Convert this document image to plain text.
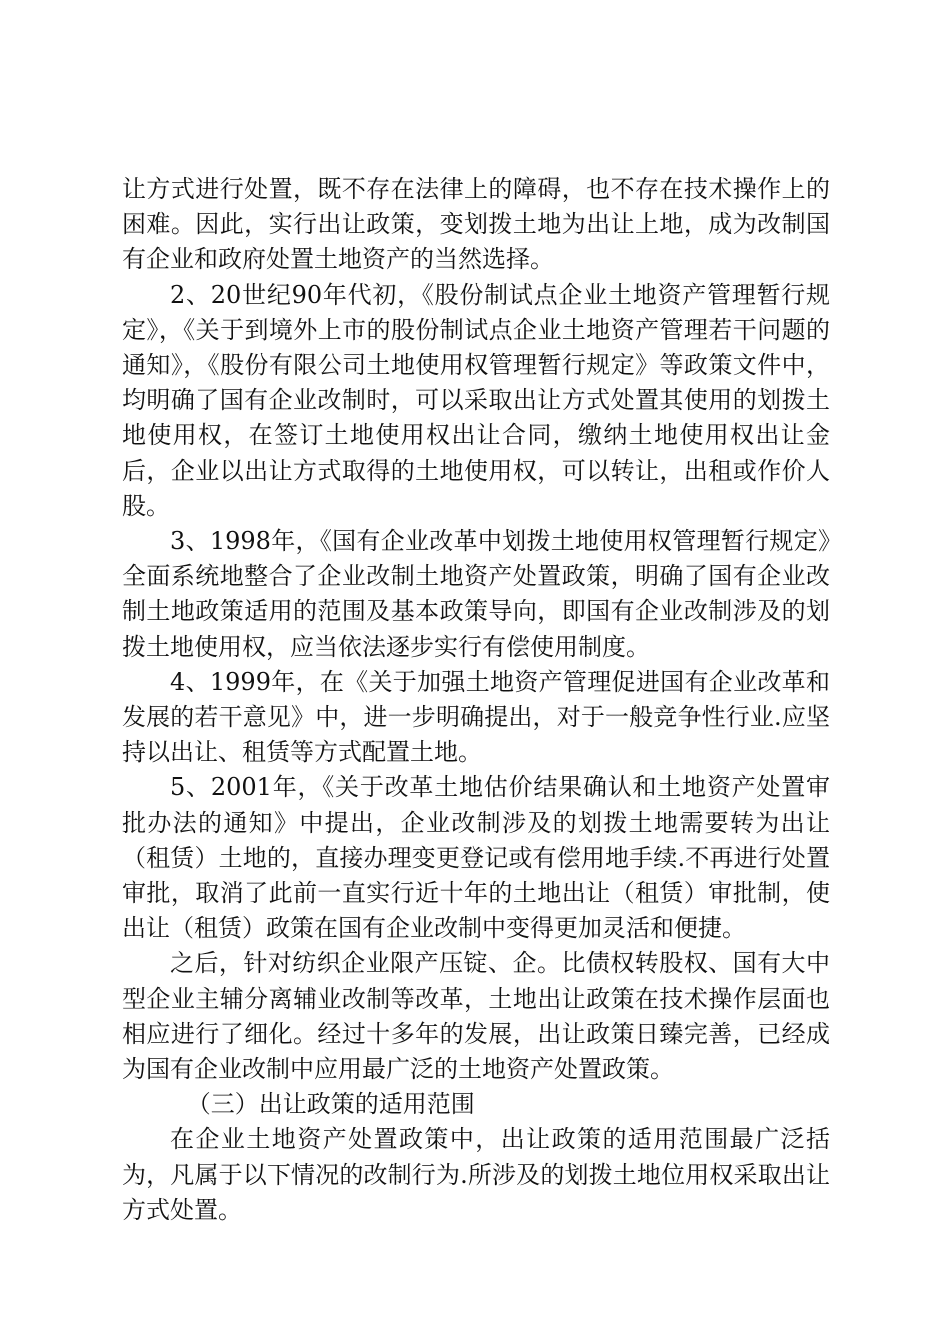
让方式进行处置，既不存在法律上的障碍，也不存在技术操作上的困难。因此，实行出让政策，变划拨土地为出让上地，成为改制国有企业和政府处置土地资产的当然选择。

2、20世纪90年代初，《股份制试点企业土地资产管理暂行规定》，《关于到境外上市的股份制试点企业土地资产管理若干问题的通知》，《股份有限公司土地使用权管理暂行规定》等政策文件中，均明确了国有企业改制时，可以采取出让方式处置其使用的划拨土地使用权，在签订土地使用权出让合同，缴纳土地使用权出让金后，企业以出让方式取得的土地使用权，可以转让，出租或作价人股。

3、1998年，《国有企业改革中划拨土地使用权管理暂行规定》全面系统地整合了企业改制土地资产处置政策，明确了国有企业改制土地政策适用的范围及基本政策导向，即国有企业改制涉及的划拨土地使用权，应当依法逐步实行有偿使用制度。

4、1999年，在《关于加强土地资产管理促进国有企业改革和发展的若干意见》中，进一步明确提出，对于一般竞争性行业.应坚持以出让、租赁等方式配置土地。

5、2001年，《关于改革土地估价结果确认和土地资产处置审批办法的通知》中提出，企业改制涉及的划拨土地需要转为出让（租赁）土地的，直接办理变更登记或有偿用地手续.不再进行处置审批，取消了此前一直实行近十年的土地出让（租赁）审批制，使出让（租赁）政策在国有企业改制中变得更加灵活和便捷。

之后，针对纺织企业限产压锭、企。比债权转股权、国有大中型企业主辅分离辅业改制等改革，土地出让政策在技术操作层面也相应进行了细化。经过十多年的发展，出让政策日臻完善，已经成为国有企业改制中应用最广泛的土地资产处置政策。

（三）出让政策的适用范围

在企业土地资产处置政策中，出让政策的适用范围最广泛括为，凡属于以下情况的改制行为.所涉及的划拨土地位用权采取出让方式处置。
